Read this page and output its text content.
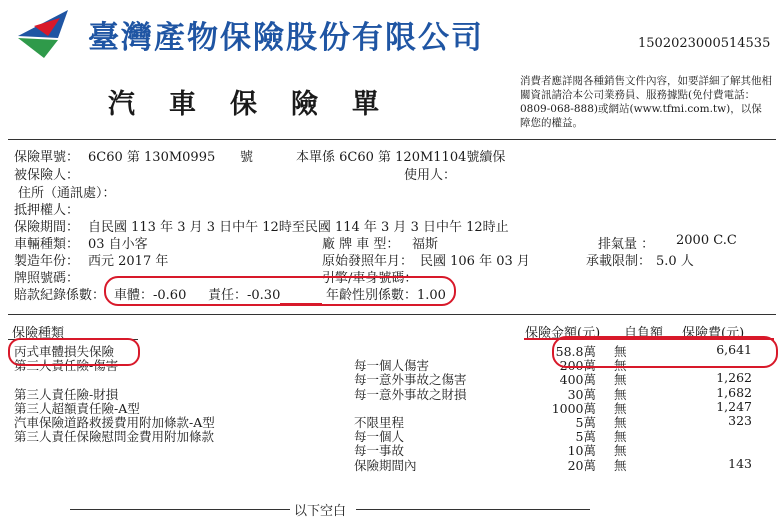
臺灣產物保險股份有限公司	1502023000514535
汽車保險單
消費者應詳閱各種銷售文件內容，如要詳細了解其他相關資訊請洽本公司業務員、服務據點(免付費電話：0809-068-888)或網站(www.tfmi.com.tw)，以保障您的權益。
保險單號： 6C60 第 130M0995 號	本單係 6C60 第 120M1104號續保
被保險人：	使用人：
住所（通訊處）：
抵押權人：
保險期間： 自民國 113 年 3 月 3 日中午 12時至民國 114 年 3 月 3 日中午 12時止
車輛種類： 03 自小客	廠 牌 車 型： 福斯	排氣量 ： 2000 C.C
製造年份： 西元 2017 年	原始發照年月： 民國 106 年 03 月	承載限制： 5.0 人
牌照號碼：	引擎/車身號碼：
賠款紀錄係數： 車體：-0.60 責任：-0.30	年齡性別係數：1.00
保險種類	保險金額(元) 自負額 保險費(元)
丙式車體損失保險	58.8萬 無	6,641
第三人責任險-傷害	每一個人傷害	200萬 無
每一意外事故之傷害	400萬 無	1,262
第三人責任險-財損	每一意外事故之財損	30萬 無	1,682
第三人超額責任險-A型	1000萬 無	1,247
汽車保險道路救援費用附加條款-A型	不限里程	5萬 無	323
第三人責任保險慰問金費用附加條款	每一個人	5萬 無
每一事故	10萬 無
保險期間內	20萬 無	143
以下空白
